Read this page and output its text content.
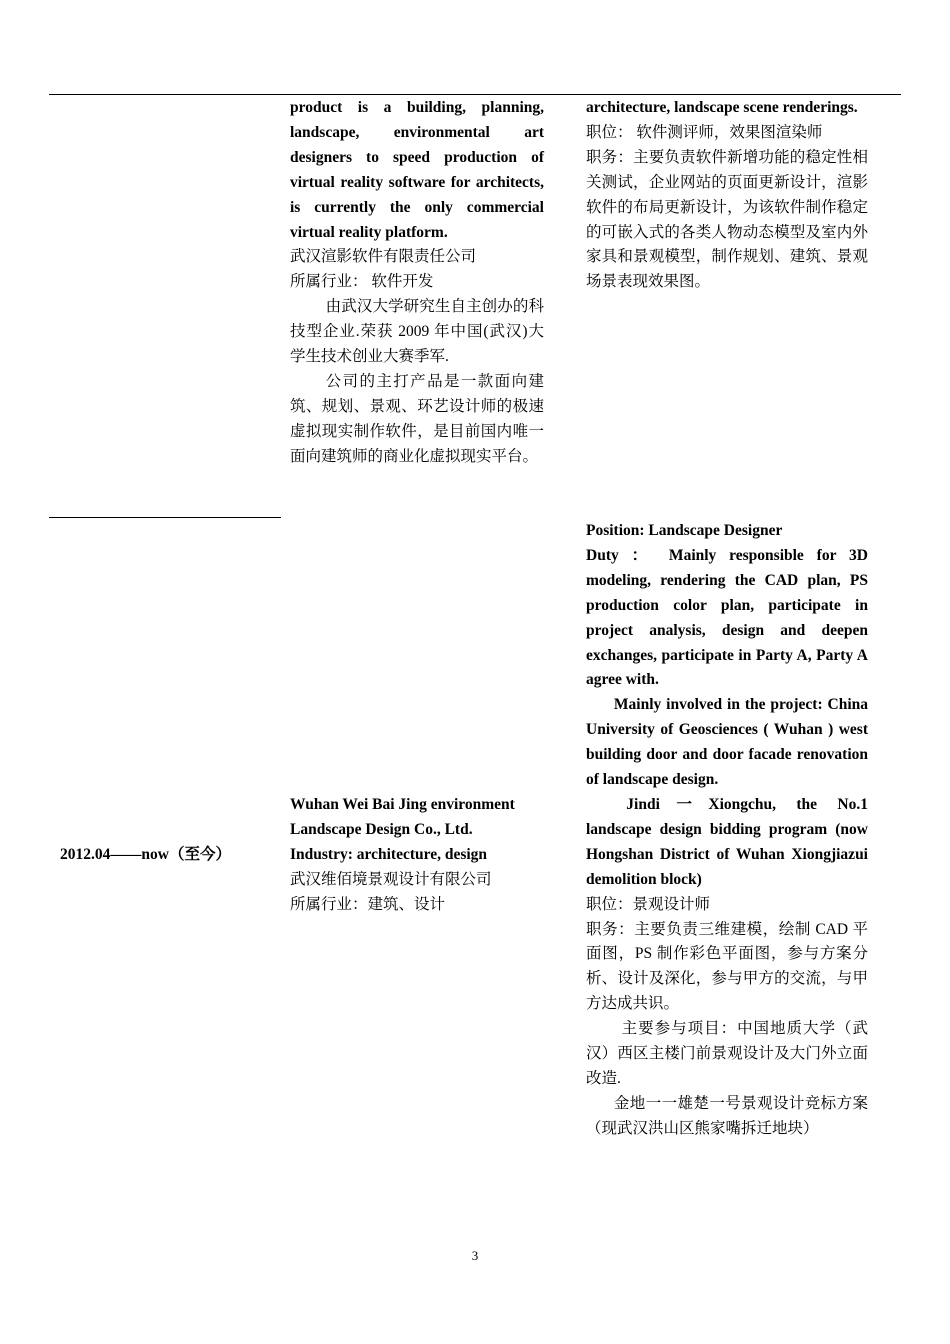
product is a building, planning, landscape, environmental art designers to speed production of virtual reality software for architects, is currently the only commercial virtual reality platform.

武汉渲影软件有限责任公司

所属行业： 软件开发

由武汉大学研究生自主创办的科技型企业.荣获 2009 年中国(武汉)大学生技术创业大赛季军.

公司的主打产品是一款面向建筑、规划、景观、环艺设计师的极速虚拟现实制作软件，是目前国内唯一面向建筑师的商业化虚拟现实平台。

architecture, landscape scene renderings.

职位： 软件测评师，效果图渲染师

职务：主要负责软件新增功能的稳定性相关测试，企业网站的页面更新设计，渲影软件的布局更新设计，为该软件制作稳定的可嵌入式的各类人物动态模型及室内外家具和景观模型，制作规划、建筑、景观场景表现效果图。

2012.04——now（至今）

Wuhan Wei Bai Jing environment Landscape Design Co., Ltd.

Industry: architecture, design

武汉维佰境景观设计有限公司

所属行业：建筑、设计

Position: Landscape Designer

Duty ： Mainly responsible for 3D modeling, rendering the CAD plan, PS production color plan, participate in project analysis, design and deepen exchanges, participate in Party A, Party A agree with.

Mainly involved in the project: China University of Geosciences ( Wuhan ) west building door and door facade renovation of landscape design.

Jindi一Xiongchu, the No.1 landscape design bidding program (now Hongshan District of Wuhan Xiongjiazui demolition block)

职位：景观设计师

职务：主要负责三维建模，绘制 CAD 平面图，PS 制作彩色平面图，参与方案分析、设计及深化，参与甲方的交流，与甲方达成共识。

主要参与项目：中国地质大学（武汉）西区主楼门前景观设计及大门外立面改造.

金地一一雄楚一号景观设计竞标方案（现武汉洪山区熊家嘴拆迁地块）

3
